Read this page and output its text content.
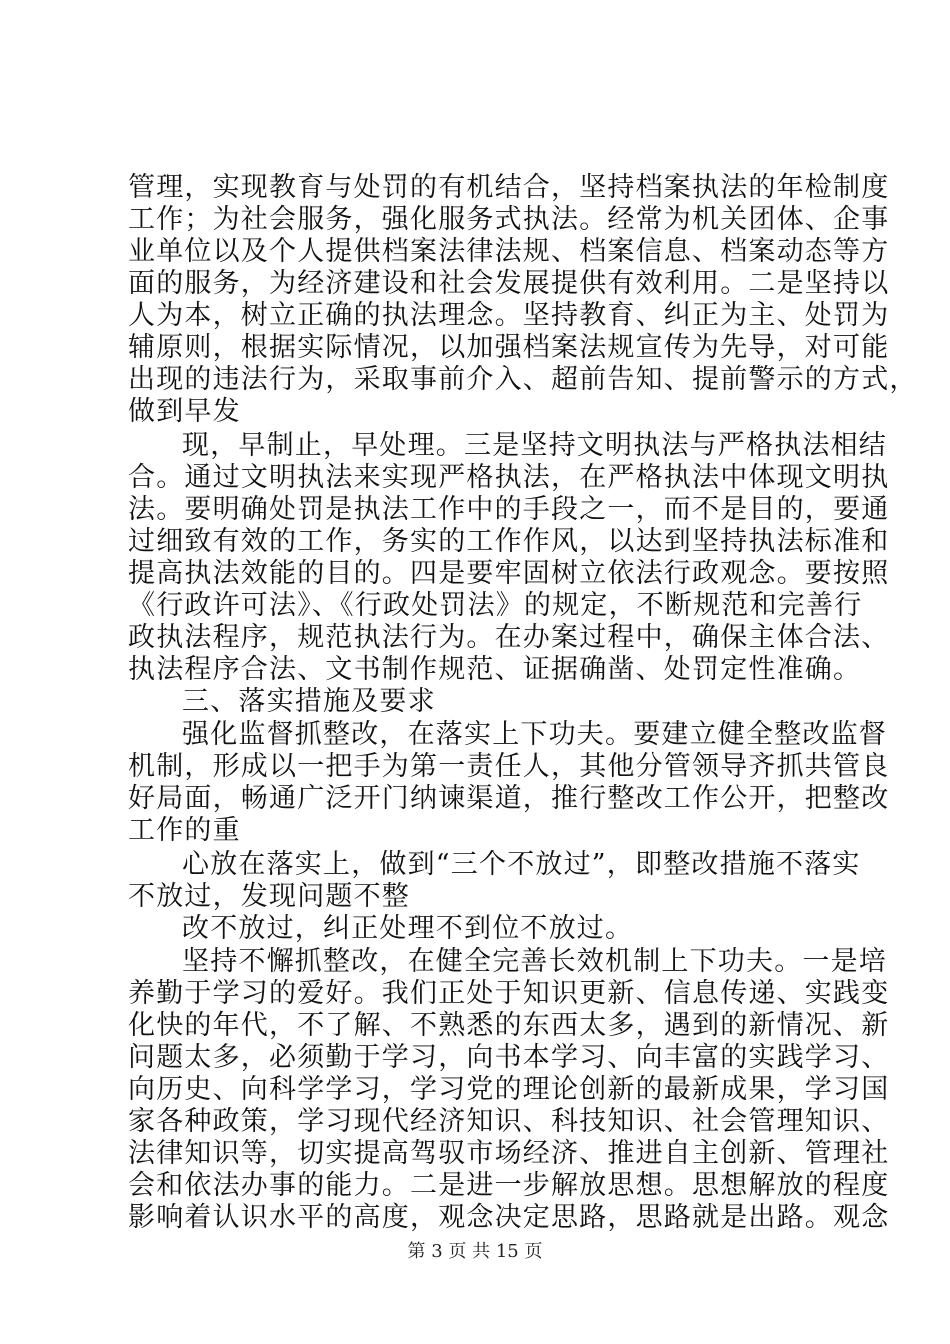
管理，实现教育与处罚的有机结合，坚持档案执法的年检制度
工作；为社会服务，强化服务式执法。经常为机关团体、企事
业单位以及个人提供档案法律法规、档案信息、档案动态等方
面的服务，为经济建设和社会发展提供有效利用。二是坚持以
人为本，树立正确的执法理念。坚持教育、纠正为主、处罚为
辅原则，根据实际情况，以加强档案法规宣传为先导，对可能
出现的违法行为，采取事前介入、超前告知、提前警示的方式，
做到早发
现，早制止，早处理。三是坚持文明执法与严格执法相结
合。通过文明执法来实现严格执法，在严格执法中体现文明执
法。要明确处罚是执法工作中的手段之一，而不是目的，要通
过细致有效的工作，务实的工作作风，以达到坚持执法标准和
提高执法效能的目的。四是要牢固树立依法行政观念。要按照
《行政许可法》、《行政处罚法》的规定，不断规范和完善行
政执法程序，规范执法行为。在办案过程中，确保主体合法、
执法程序合法、文书制作规范、证据确凿、处罚定性准确。
三、落实措施及要求
强化监督抓整改，在落实上下功夫。要建立健全整改监督
机制，形成以一把手为第一责任人，其他分管领导齐抓共管良
好局面，畅通广泛开门纳谏渠道，推行整改工作公开，把整改
工作的重
心放在落实上，做到“三个不放过”，即整改措施不落实
不放过，发现问题不整
改不放过，纠正处理不到位不放过。
坚持不懈抓整改，在健全完善长效机制上下功夫。一是培
养勤于学习的爱好。我们正处于知识更新、信息传递、实践变
化快的年代，不了解、不熟悉的东西太多，遇到的新情况、新
问题太多，必须勤于学习，向书本学习、向丰富的实践学习、
向历史、向科学学习，学习党的理论创新的最新成果，学习国
家各种政策，学习现代经济知识、科技知识、社会管理知识、
法律知识等，切实提高驾驭市场经济、推进自主创新、管理社
会和依法办事的能力。二是进一步解放思想。思想解放的程度
影响着认识水平的高度，观念决定思路，思路就是出路。观念
第 3 页 共 15 页
